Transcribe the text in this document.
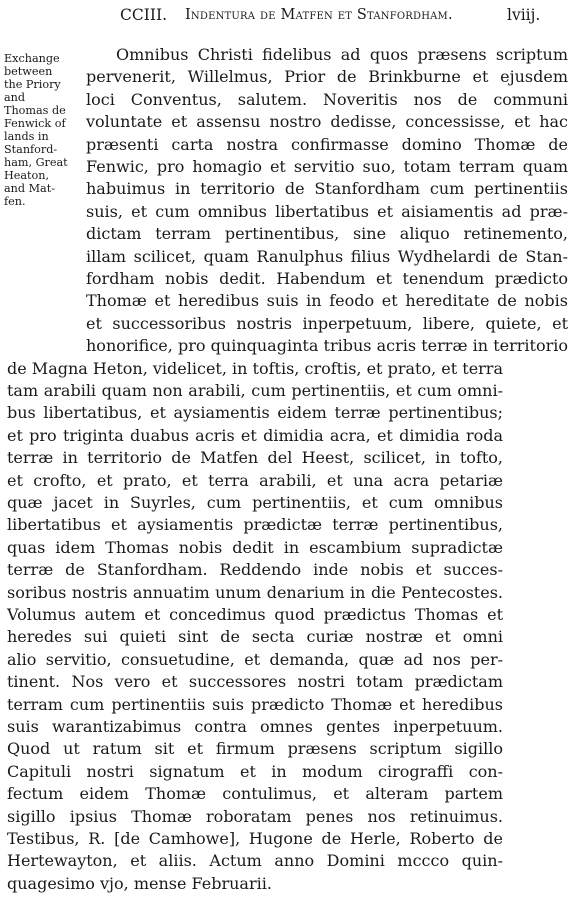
CCIII. Indentura de Matfen et Stanfordham.	lviij.
Exchange
between
the Priory
and
Thomas de
Fenwick of
lands in
Stanford-
ham, Great
Heaton,
and Mat-
fen.
Omnibus Christi fidelibus ad quos præsens scriptum
pervenerit, Willelmus, Prior de Brinkburne et ejusdem
loci Conventus, salutem. Noveritis nos de communi
voluntate et assensu nostro dedisse, concessisse, et hac
præsenti carta nostra confirmasse domino Thomæ de
Fenwic, pro homagio et servitio suo, totam terram quam
habuimus in territorio de Stanfordham cum pertinentiis
suis, et cum omnibus libertatibus et aisiamentis ad præ-
dictam terram pertinentibus, sine aliquo retinemento,
illam scilicet, quam Ranulphus filius Wydhelardi de Stan-
fordham nobis dedit. Habendum et tenendum prædicto
Thomæ et heredibus suis in feodo et hereditate de nobis
et successoribus nostris inperpetuum, libere, quiete, et
honorifice, pro quinquaginta tribus acris terræ in territorio
de Magna Heton, videlicet, in toftis, croftis, et prato, et terra
tam arabili quam non arabili, cum pertinentiis, et cum omni-
bus libertatibus, et aysiamentis eidem terræ pertinentibus;
et pro triginta duabus acris et dimidia acra, et dimidia roda
terræ in territorio de Matfen del Heest, scilicet, in tofto,
et crofto, et prato, et terra arabili, et una acra petariæ
quæ jacet in Suyrles, cum pertinentiis, et cum omnibus
libertatibus et aysiamentis prædictæ terræ pertinentibus,
quas idem Thomas nobis dedit in escambium supradictæ
terræ de Stanfordham. Reddendo inde nobis et succes-
soribus nostris annuatim unum denarium in die Pentecostes.
Volumus autem et concedimus quod prædictus Thomas et
heredes sui quieti sint de secta curiæ nostræ et omni
alio servitio, consuetudine, et demanda, quæ ad nos per-
tinent. Nos vero et successores nostri totam prædictam
terram cum pertinentiis suis prædicto Thomæ et heredibus
suis warantizabimus contra omnes gentes inperpetuum.
Quod ut ratum sit et firmum præsens scriptum sigillo
Capituli nostri signatum et in modum cirograffi con-
fectum eidem Thomæ contulimus, et alteram partem
sigillo ipsius Thomæ roboratam penes nos retinuimus.
Testibus, R. [de Camhowe], Hugone de Herle, Roberto de
Hertewayton, et aliis. Actum anno Domini mccco quin-
quagesimo vjo, mense Februarii.
